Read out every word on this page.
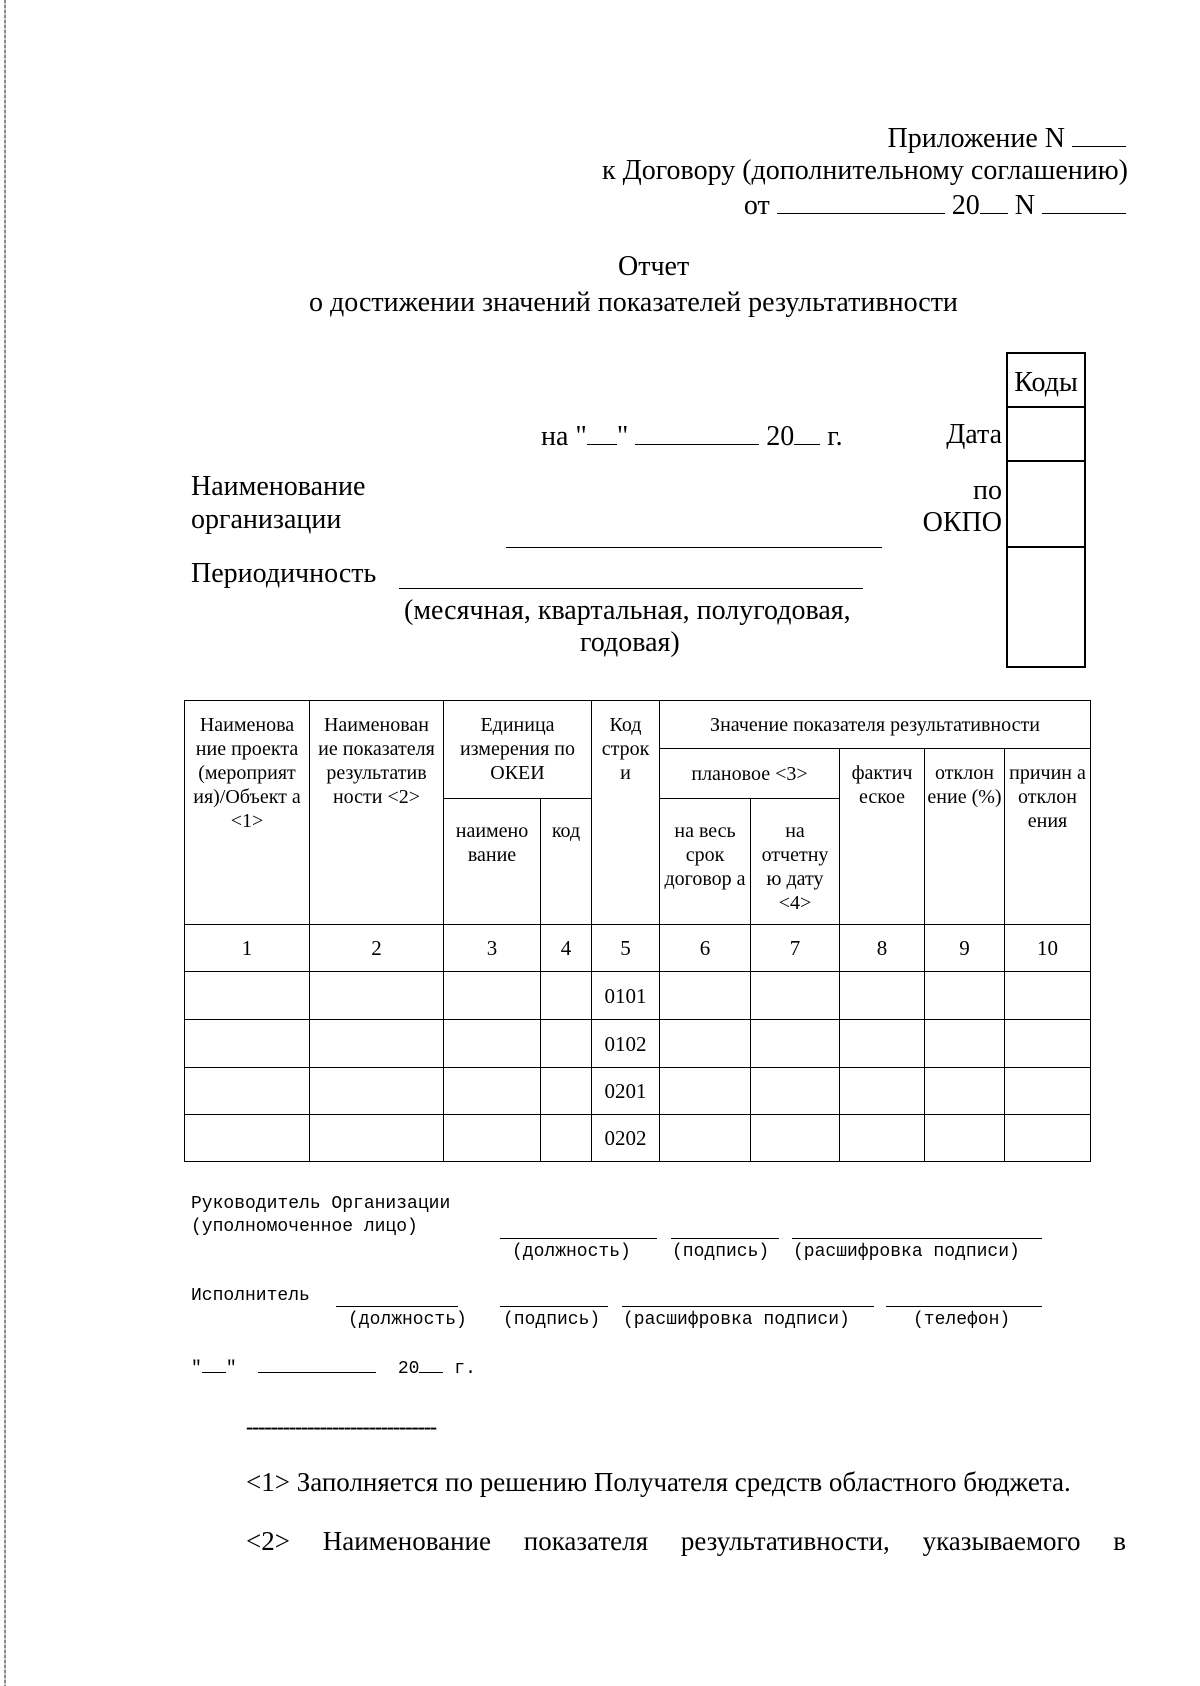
Приложение N
к Договору (дополнительному соглашению)
от	20 N
Отчет
о достижении значений показателей результативности
на " "	20 г.
Коды
Дата
по
ОКПО
Наименование
организации
Периодичность
(месячная, квартальная, полугодовая,
годовая)
Наименова ние проекта (мероприят ия)/Объект а <1>	Наименован ие показателя результатив ности <2>	Единица измерения по ОКЕИ		Код строк и	Значение показателя результативности				
					плановое <3>		фактич еское	отклон ение (%)	причин а отклон ения
		наимено вание	код		на весь срок договор а	на отчетну ю дату <4>			
1	2	3	4	5	6	7	8	9	10
				0101					
				0102					
				0201					
				0202					
Руководитель Организации
(уполномоченное лицо)
(должность) (подпись) (расшифровка подписи)
Исполнитель
(должность) (подпись) (расшифровка подписи)	(телефон)
" "	20 г.
-------------------------------
<1> Заполняется по решению Получателя средств областного бюджета.
<2> Наименование показателя результативности, указываемого в
